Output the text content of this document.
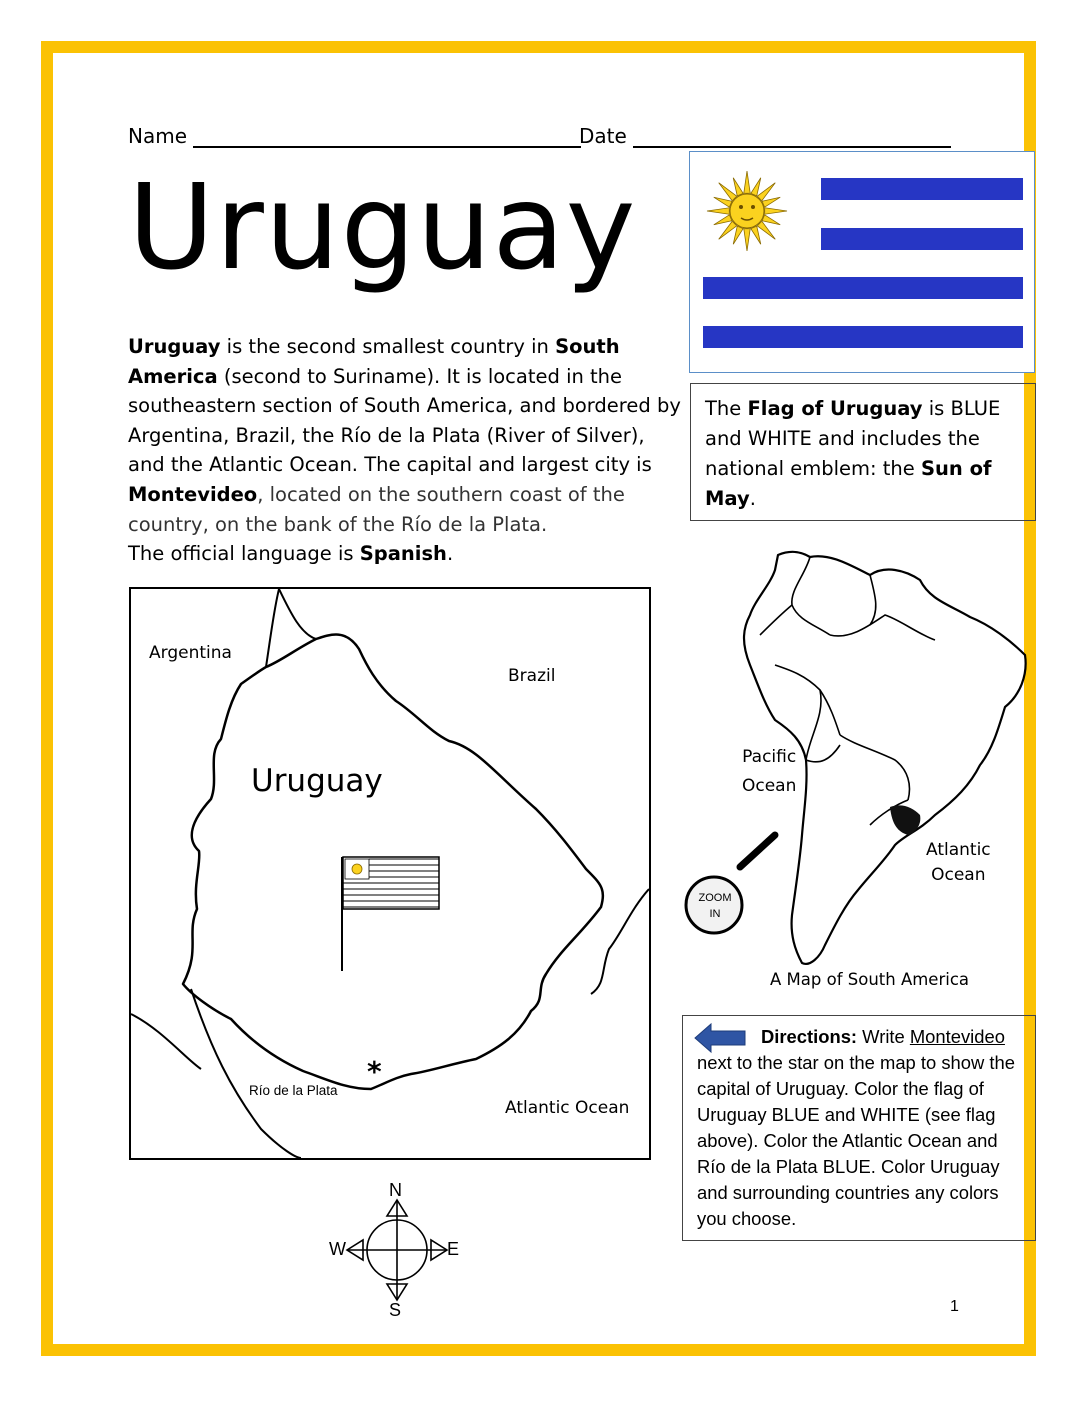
Name	Date
Uruguay
Uruguay is the second smallest country in South America (second to Suriname). It is located in the southeastern section of South America, and bordered by Argentina, Brazil, the Río de la Plata (River of Silver), and the Atlantic Ocean. The capital and largest city is Montevideo, located on the southern coast of the country, on the bank of the Río de la Plata.
The official language is Spanish.
The Flag of Uruguay is BLUE and WHITE and includes the national emblem: the Sun of May.
Argentina
Brazil
Uruguay
Río de la Plata
Atlantic Ocean
*
Pacific
Ocean
Atlantic
Ocean
ZOOM
IN
A Map of South America
N
S
W	E
Directions: Write Montevideo next to the star on the map to show the capital of Uruguay. Color the flag of Uruguay BLUE and WHITE (see flag above). Color the Atlantic Ocean and Río de la Plata BLUE. Color Uruguay and surrounding countries any colors you choose.
1
